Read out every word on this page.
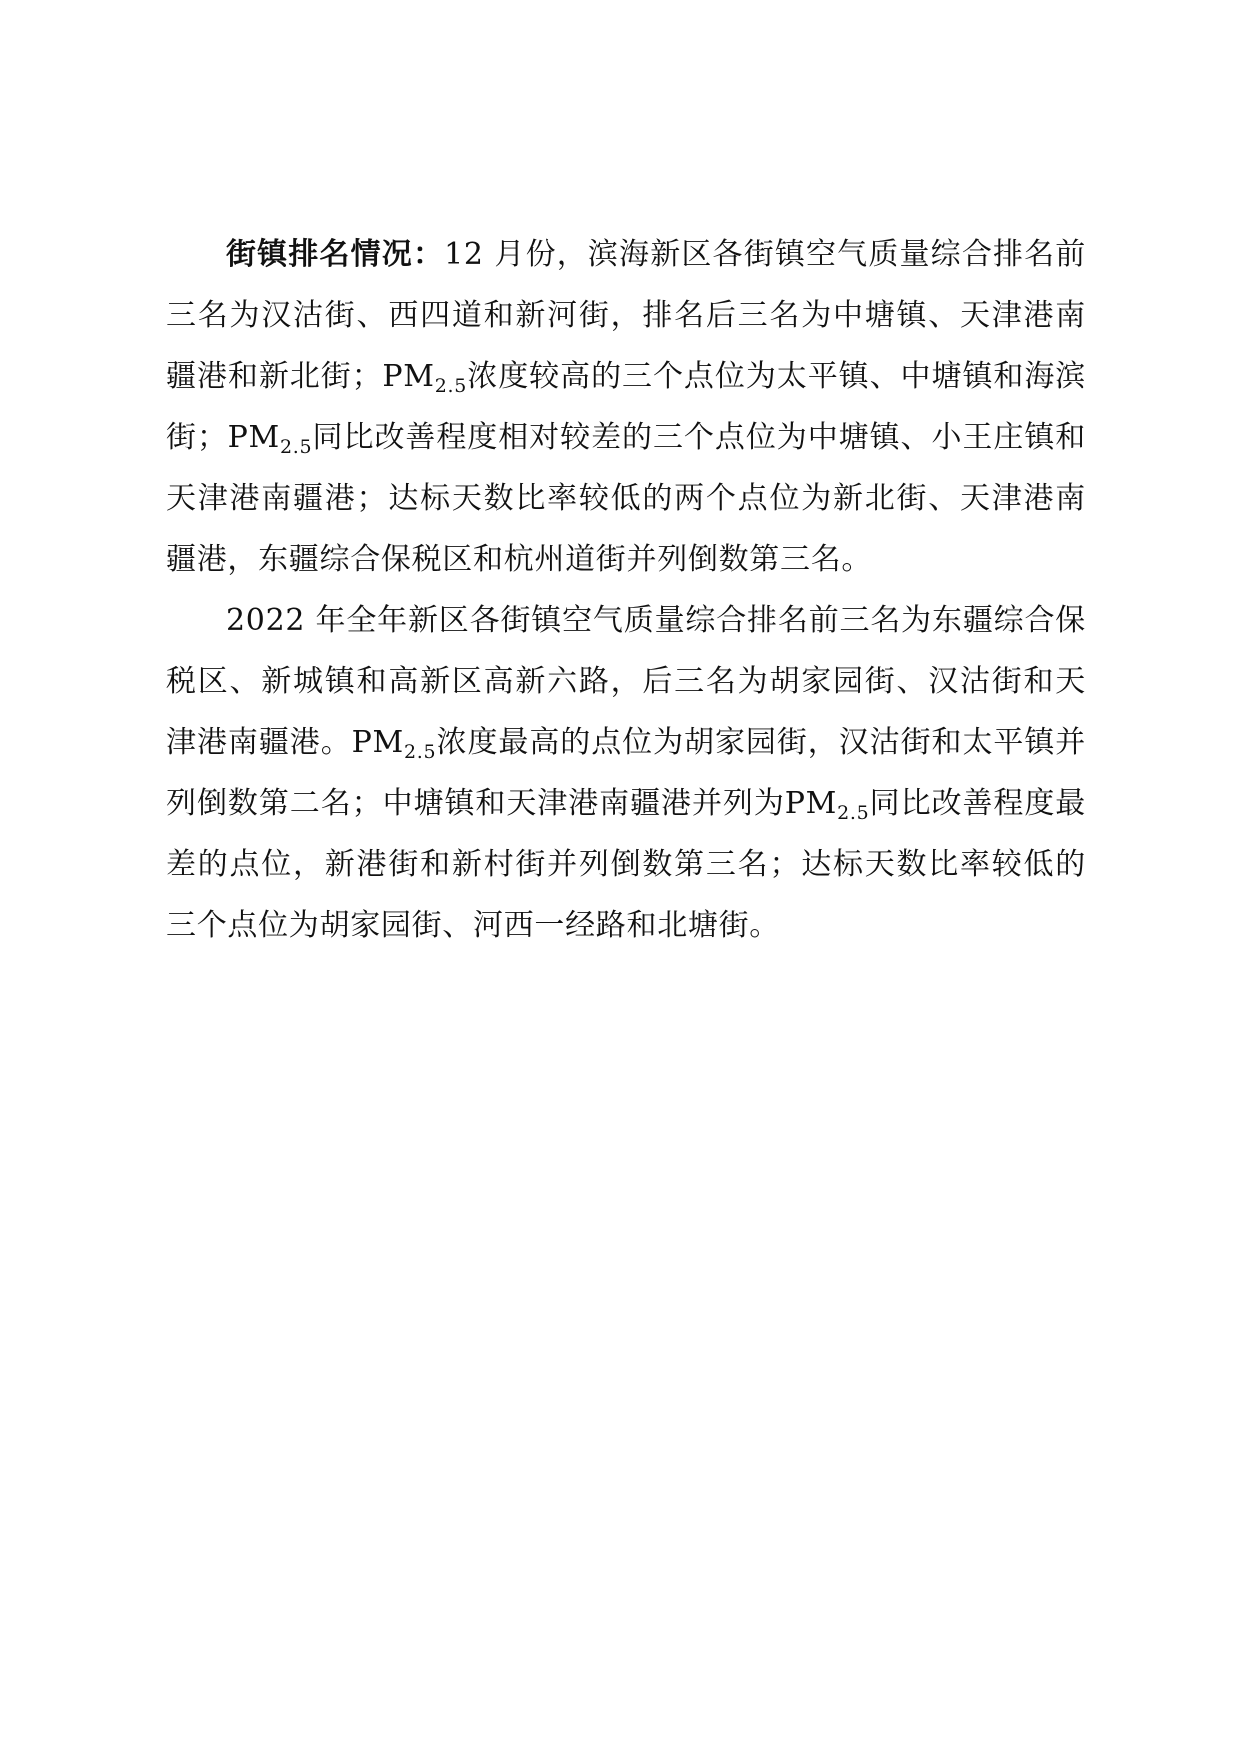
街镇排名情况：12 月份，滨海新区各街镇空气质量综合排名前三名为汉沽街、西四道和新河街，排名后三名为中塘镇、天津港南疆港和新北街；$PM_{2.5}$浓度较高的三个点位为太平镇、中塘镇和海滨街；$PM_{2.5}$同比改善程度相对较差的三个点位为中塘镇、小王庄镇和天津港南疆港；达标天数比率较低的两个点位为新北街、天津港南疆港，东疆综合保税区和杭州道街并列倒数第三名。

2022 年全年新区各街镇空气质量综合排名前三名为东疆综合保税区、新城镇和高新区高新六路，后三名为胡家园街、汉沽街和天津港南疆港。$PM_{2.5}$浓度最高的点位为胡家园街，汉沽街和太平镇并列倒数第二名；中塘镇和天津港南疆港并列为$PM_{2.5}$同比改善程度最差的点位，新港街和新村街并列倒数第三名；达标天数比率较低的三个点位为胡家园街、河西一经路和北塘街。
